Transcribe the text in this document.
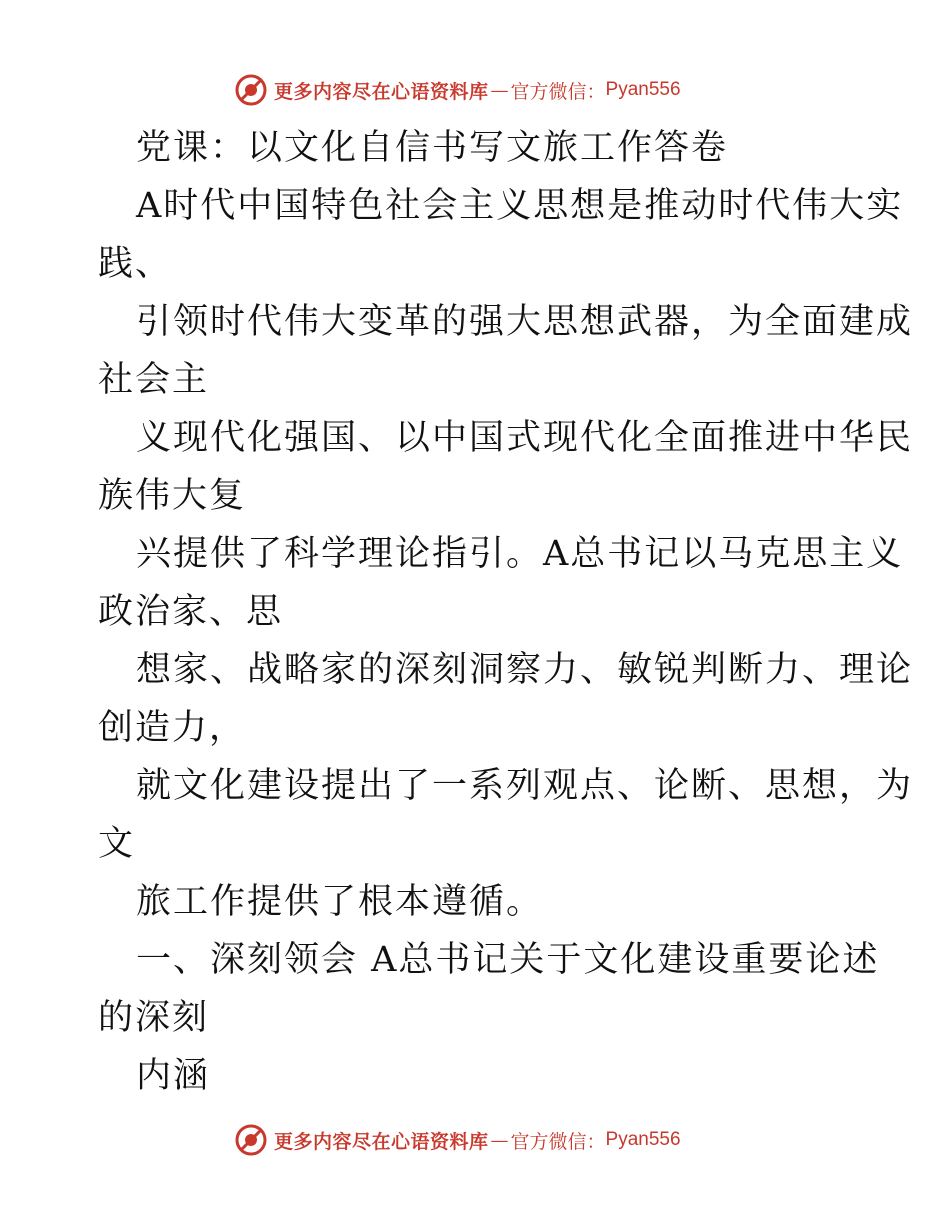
更多内容尽在心语资料库 — 官方微信： Pyan556
党课：以文化自信书写文旅工作答卷
A时代中国特色社会主义思想是推动时代伟大实
践、
引领时代伟大变革的强大思想武器，为全面建成
社会主
义现代化强国、以中国式现代化全面推进中华民
族伟大复
兴提供了科学理论指引。A总书记以马克思主义
政治家、思
想家、战略家的深刻洞察力、敏锐判断力、理论
创造力，
就文化建设提出了一系列观点、论断、思想，为
文
旅工作提供了根本遵循。
一、深刻领会 A总书记关于文化建设重要论述
的深刻
内涵
更多内容尽在心语资料库 — 官方微信： Pyan556
